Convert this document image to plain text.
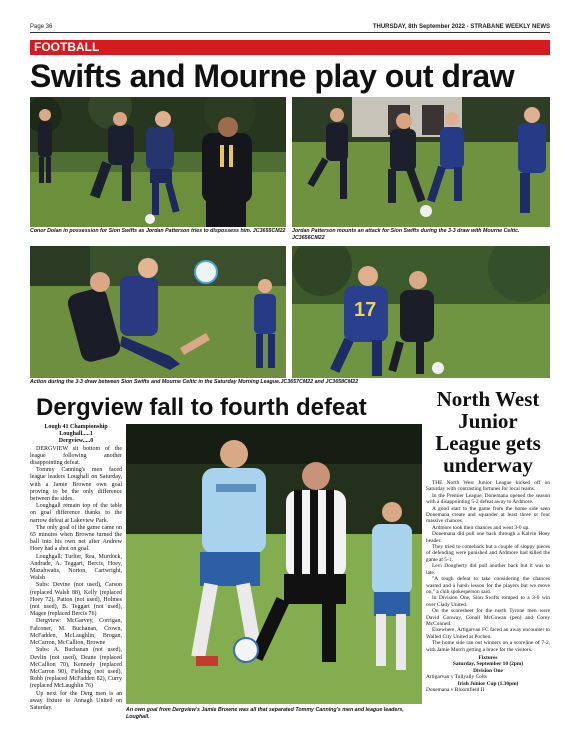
Page 36	THURSDAY, 8th September 2022 - STRABANE WEEKLY NEWS
FOOTBALL
Swifts and Mourne play out draw
Conor Dolan in possession for Sion Swifts as Jordan Patterson tries to dispossess him. JC3655CM22 Jordan Patterson mounts an attack for Sion Swifts during the 3-3 draw with Mourne Celtic. JC3656CM22
17
Action during the 3-3 draw between Sion Swifts and Mourne Celtic in the Saturday Morning League.JC3657CM22 and JC3658CM22
Dergview fall to fourth defeat

Lough 41 Championship

Loughall.....1

Dergview.....0

DERGVIEW sit bottom of the league following another disappointing defeat.

Tommy Canning's men faced league leaders Loughall on Saturday, with a Jamie Browne own goal proving to be the only difference between the sides.

Loughgall remain top of the table on goal difference thanks to the narrow defeat at Lakeview Park.

The only goal of the game came on 65 minutes when Browne turned the ball into his own net after Andrew Hoey had a shot on goal.

Loughgall: Turlter, Rea, Murdock, Andrade, A. Teggart, Bercis, Hoey, Mazahwatis, Norton, Cartwright, Walsh

Subs: Devine (not used), Carson (replaced Walsh 88), Kelly (replaced Hoey 72), Patton (not used), Holmes (not used), B. Teggart (not used), Magee (replaced Bercis 76)

Dergview: McGarvey, Corrigan, Falconer, M. Buchanan, Crown, McFadden, McLaughlin, Brogan, McCarron, McCallion, Browne

Subs: A. Buchanan (not used), Devlin (not used), Deane (replaced McCallion 70), Kennedy (replaced McCarron 90), Fielding (not used), Robb (replaced McFadden 82), Curry (replaced McLaughlin 76)

Up next for the Derg men is an away fixture to Annagh United on Saturday.	An own goal from Dergview's Jamie Browne was all that separated Tommy Canning's men and league leaders, Loughall.
North West
Junior
League gets
underway

THE North West Junior League kicked off on Saturday with contrasting fortunes for local teams.

In the Premier League, Donemana opened the season with a disappointing 5-2 defeat away to Ardmore.

A good start to the game from the home side seen Donemana create and squander at least three or four massive chances.

Ardmore took their chances and went 3-0 up.

Donemana did pull one back through a Kalvin Hoey header.

They tried to comeback but a couple of sloppy pieces of defending were punished and Ardmore had killed the game at 5-1.

Levi Dougherty did pull another back but it was to late.

"A tough defeat to take considering the chances wasted and a harsh lesson for the players but we move on," a club spokesperson said.

In Division One, Sion Swifts romped to a 3-0 win over Clady United.

On the scoresheet for the north Tyrone men were David Conway, Conall McCowan (pen) and Corey McConnell.

Elsewhere, Artigarvan FC faced an away encounter to Walled City United at Pochen.

The home side ran out winners on a scoreline of 7-2, with Jamie Mutch getting a brace for the visitors.

Fixtures

Saturday, September 10 (2pm)

Division One

Artigarvan v Tullyally Colts

Irish Junior Cup (1.30pm)

Donemana v Bloomfield II
